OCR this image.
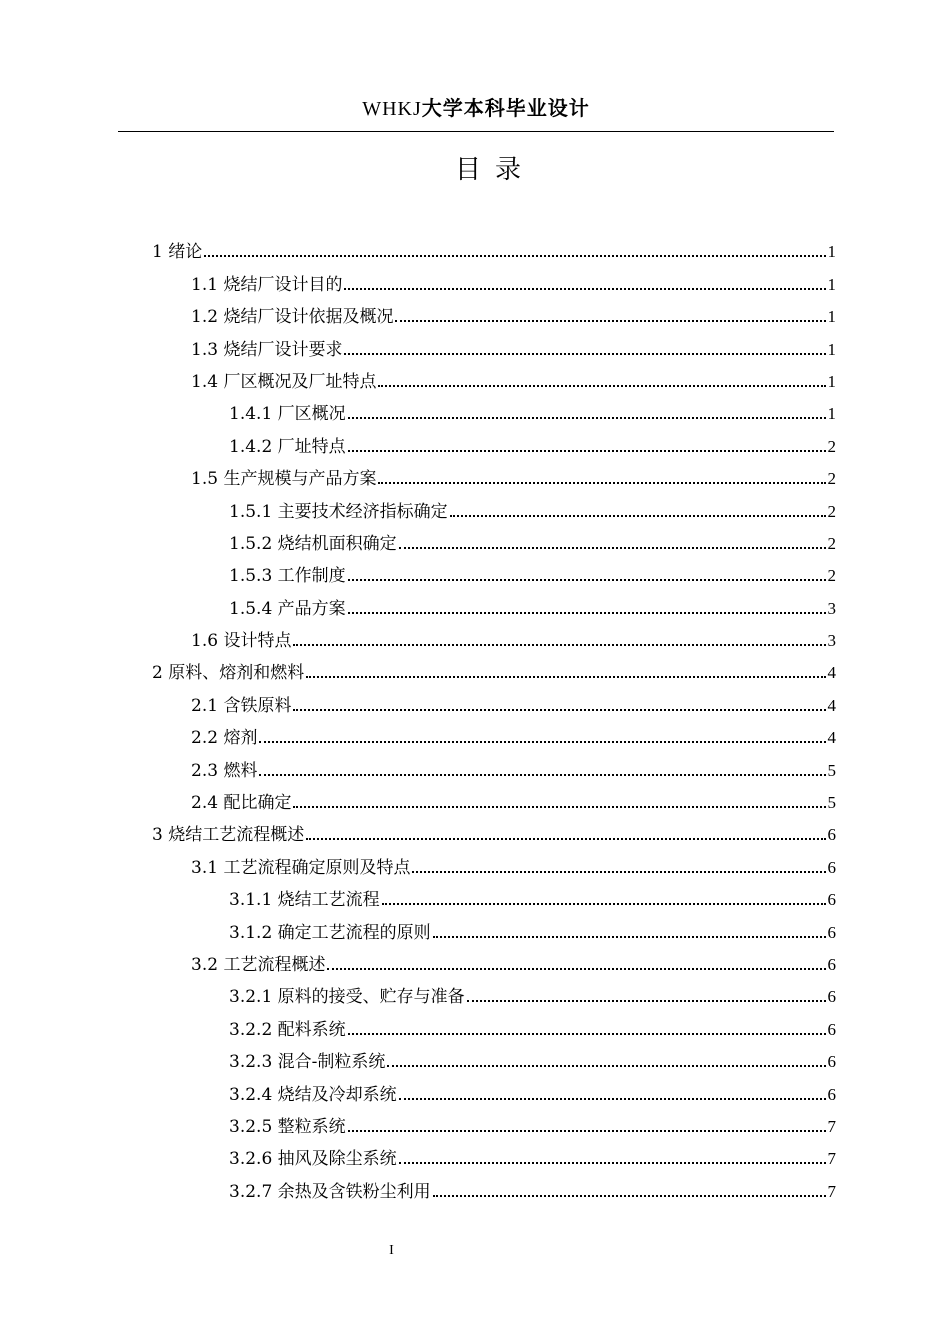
WHKJ大学本科毕业设计
目录
1 绪论	1
1.1 烧结厂设计目的	1
1.2 烧结厂设计依据及概况	1
1.3 烧结厂设计要求	1
1.4 厂区概况及厂址特点	1
1.4.1 厂区概况	1
1.4.2 厂址特点	2
1.5 生产规模与产品方案	2
1.5.1 主要技术经济指标确定	2
1.5.2 烧结机面积确定	2
1.5.3 工作制度	2
1.5.4 产品方案	3
1.6 设计特点	3
2 原料、熔剂和燃料	4
2.1 含铁原料	4
2.2 熔剂	4
2.3 燃料	5
2.4 配比确定	5
3 烧结工艺流程概述	6
3.1 工艺流程确定原则及特点	6
3.1.1 烧结工艺流程	6
3.1.2 确定工艺流程的原则	6
3.2 工艺流程概述	6
3.2.1 原料的接受、贮存与准备	6
3.2.2 配料系统	6
3.2.3 混合-制粒系统	6
3.2.4 烧结及冷却系统	6
3.2.5 整粒系统	7
3.2.6 抽风及除尘系统	7
3.2.7 余热及含铁粉尘利用	7
I
